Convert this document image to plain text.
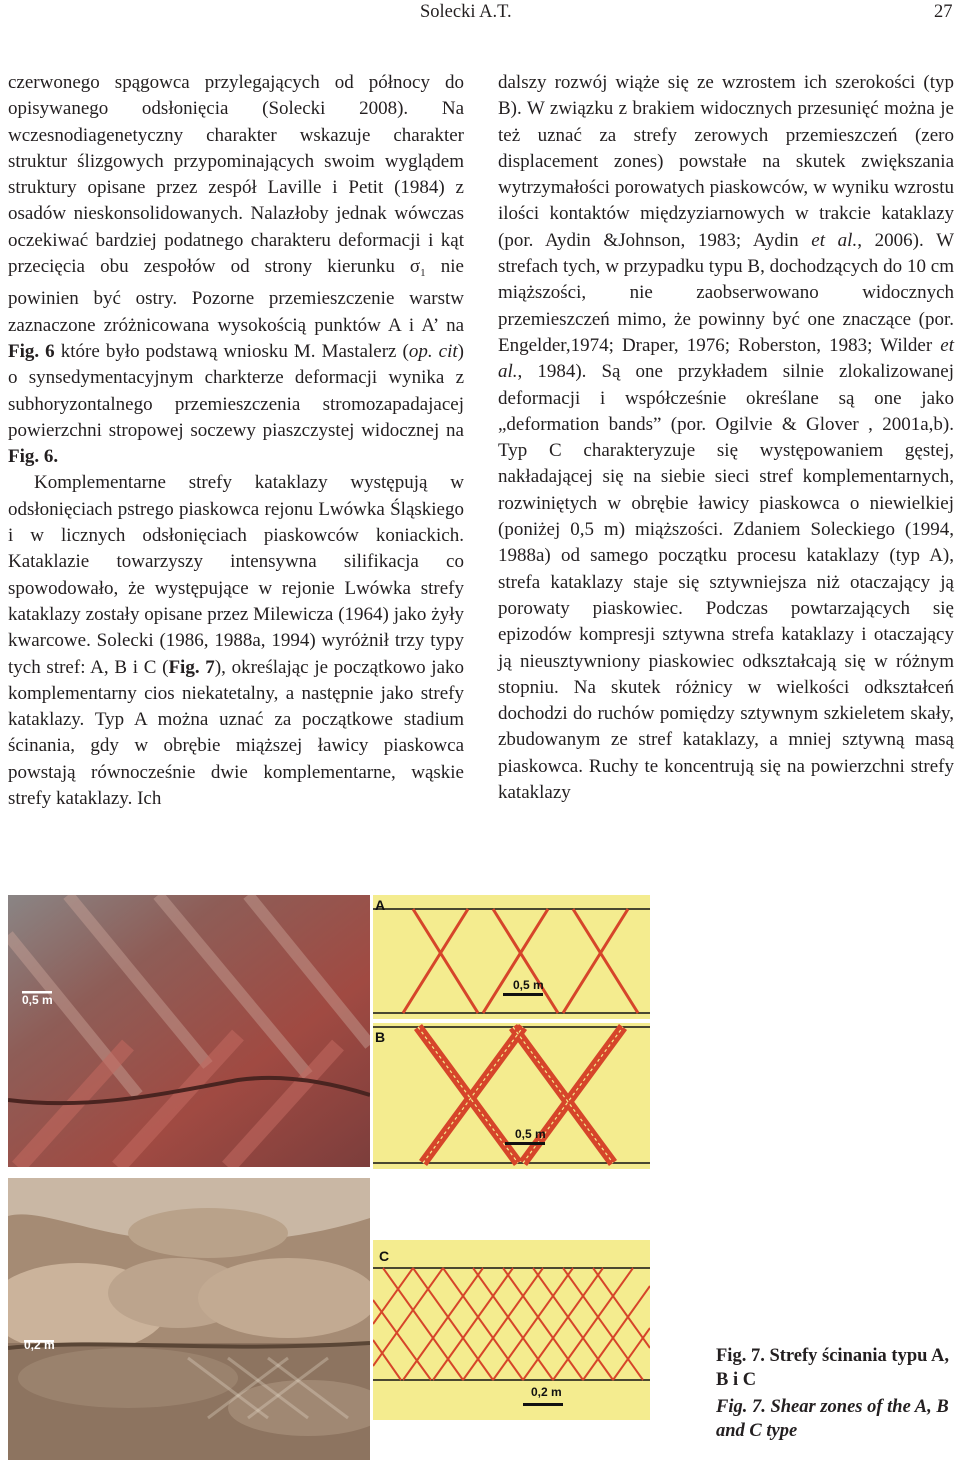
Solecki A.T.	27

czerwonego spągowca przylegających od północy do opisywanego odsłonięcia (Solecki 2008). Na wczesnodiagenetyczny charakter wskazuje charakter struktur ślizgowych przypominających swoim wyglądem struktury opisane przez zespół Laville i Petit (1984) z osadów nieskonsolidowanych. Nalazłoby jednak wówczas oczekiwać bardziej podatnego charakteru deformacji i kąt przecięcia obu zespołów od strony kierunku $\sigma_1$ nie powinien być ostry. Pozorne przemieszczenie warstw zaznaczone zróżnicowana wysokością punktów A i A’ na Fig. 6 które było podstawą wniosku M. Mastalerz (op. cit) o synsedymentacyjnym charkterze deformacji wynika z subhoryzontalnego przemieszczenia stromozapadajacej powierzchni stropowej soczewy piaszczystej widocznej na Fig. 6.

Komplementarne strefy kataklazy występują w odsłonięciach pstrego piaskowca rejonu Lwówka Śląskiego i w licznych odsłonięciach piaskowców koniackich. Kataklazie towarzyszy intensywna silifikacja co spowodowało, że występujące w rejonie Lwówka strefy kataklazy zostały opisane przez Milewicza (1964) jako żyły kwarcowe. Solecki (1986, 1988a, 1994) wyróżnił trzy typy tych stref: A, B i C (Fig. 7), określając je początkowo jako komplementarny cios niekatetalny, a następnie jako strefy kataklazy. Typ A można uznać za początkowe stadium ścinania, gdy w obrębie miąższej ławicy piaskowca powstają równocześnie dwie komplementarne, wąskie strefy kataklazy. Ich

dalszy rozwój wiąże się ze wzrostem ich szerokości (typ B). W związku z brakiem widocznych przesunięć można je też uznać za strefy zerowych przemieszczeń (zero displacement zones) powstałe na skutek zwiększania wytrzymałości porowatych piaskowców, w wyniku wzrostu ilości kontaktów międzyziarnowych w trakcie kataklazy (por. Aydin &Johnson, 1983; Aydin et al., 2006). W strefach tych, w przypadku typu B, dochodzących do 10 cm miąższości, nie zaobserwowano widocznych przemieszczeń mimo, że powinny być one znaczące (por. Engelder,1974; Draper, 1976; Roberston, 1983; Wilder et al., 1984). Są one przykładem silnie zlokalizowanej deformacji i współcześnie określane są one jako „deformation bands” (por. Ogilvie & Glover , 2001a,b). Typ C charakteryzuje się występowaniem gęstej, nakładającej się na siebie sieci stref komplementarnych, rozwiniętych w obrębie ławicy piaskowca o niewielkiej (poniżej 0,5 m) miąższości. Zdaniem Soleckiego (1994, 1988a) od samego początku procesu kataklazy (typ A), strefa kataklazy staje się sztywniejsza niż otaczający ją porowaty piaskowiec. Podczas powtarzających się epizodów kompresji sztywna strefa kataklazy i otaczający ją nieusztywniony piaskowiec odkształcają się w różnym stopniu. Na skutek różnicy w wielkości odkształceń dochodzi do ruchów pomiędzy sztywnym szkieletem skały, zbudowanym ze stref kataklazy, a mniej sztywną masą piaskowca. Ruchy te koncentrują się na powierzchni strefy kataklazy

0,5 m
0,2 m
A
0,5 m
B
0,5 m
C
0,2 m
Fig. 7. Strefy ścinania typu A, B i C
Fig. 7. Shear zones of the A, B and C type
